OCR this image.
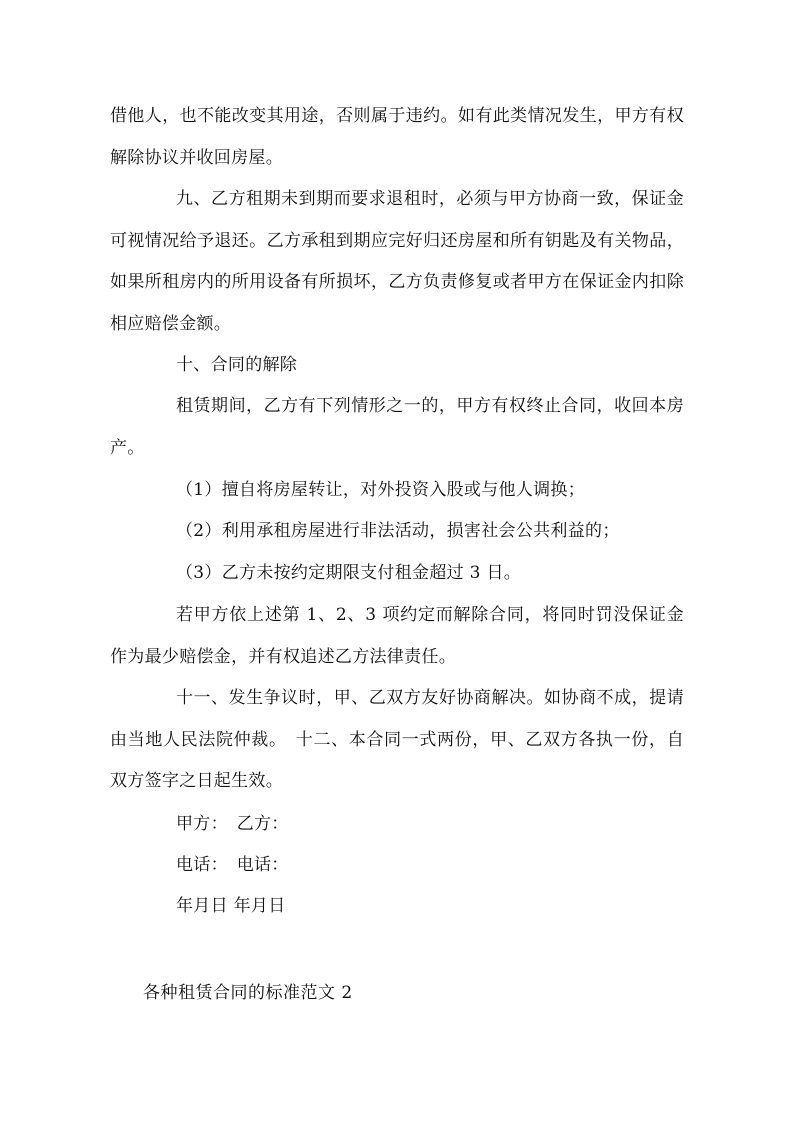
借他人，也不能改变其用途，否则属于违约。如有此类情况发生，甲方有权解除协议并收回房屋。

九、乙方租期未到期而要求退租时，必须与甲方协商一致，保证金可视情况给予退还。乙方承租到期应完好归还房屋和所有钥匙及有关物品，如果所租房内的所用设备有所损坏，乙方负责修复或者甲方在保证金内扣除相应赔偿金额。

十、合同的解除

租赁期间，乙方有下列情形之一的，甲方有权终止合同，收回本房产。

（1）擅自将房屋转让，对外投资入股或与他人调换；

（2）利用承租房屋进行非法活动，损害社会公共利益的；

（3）乙方未按约定期限支付租金超过 3 日。

若甲方依上述第 1、2、3 项约定而解除合同，将同时罚没保证金作为最少赔偿金，并有权追述乙方法律责任。

十一、发生争议时，甲、乙双方友好协商解决。如协商不成，提请由当地人民法院仲裁。　十二、本合同一式两份，甲、乙双方各执一份，自双方签字之日起生效。

甲方：　乙方：

电话：　电话：

年月日 年月日

各种租赁合同的标准范文 2
